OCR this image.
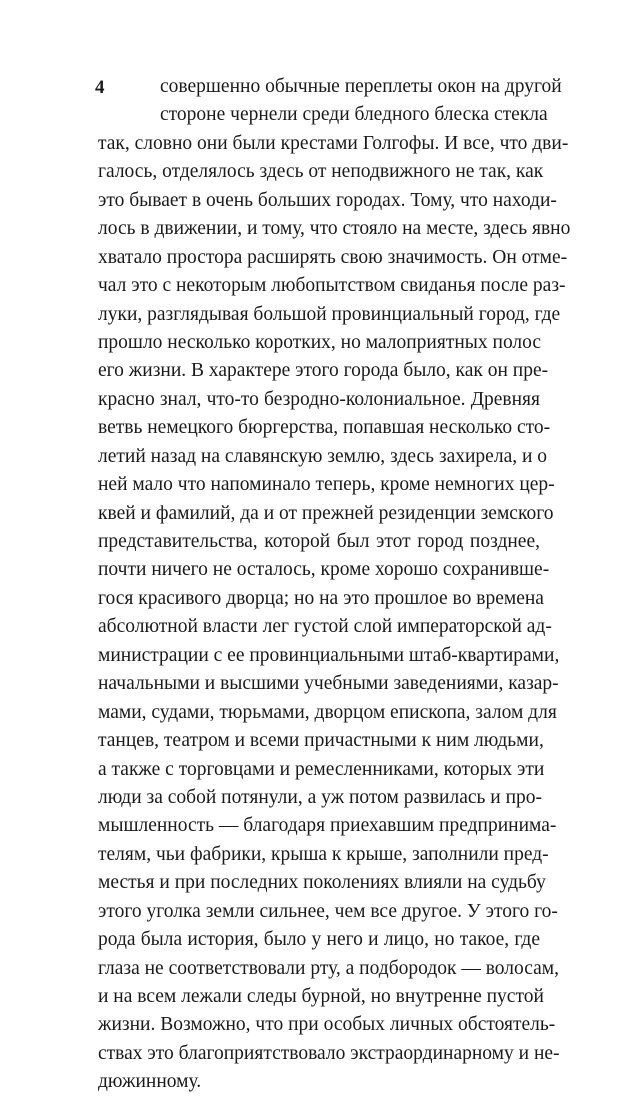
4	совершенно обычные переплеты окон на другой
стороне чернели среди бледного блеска стекла
так, словно они были крестами Голгофы. И все, что дви-
галось, отделялось здесь от неподвижного не так, как
это бывает в очень больших городах. Тому, что находи-
лось в движении, и тому, что стояло на месте, здесь явно
хватало простора расширять свою значимость. Он отме-
чал это с некоторым любопытством свиданья после раз-
луки, разглядывая большой провинциальный город, где
прошло несколько коротких, но малоприятных полос
его жизни. В характере этого города было, как он пре-
красно знал, что-то безродно-колониальное. Древняя
ветвь немецкого бюргерства, попавшая несколько сто-
летий назад на славянскую землю, здесь захирела, и о
ней мало что напоминало теперь, кроме немногих цер-
квей и фамилий, да и от прежней резиденции земского
представительства, которой был этот город позднее,
почти ничего не осталось, кроме хорошо сохранивше-
гося красивого дворца; но на это прошлое во времена
абсолютной власти лег густой слой императорской ад-
министрации с ее провинциальными штаб-квартирами,
начальными и высшими учебными заведениями, казар-
мами, судами, тюрьмами, дворцом епископа, залом для
танцев, театром и всеми причастными к ним людьми,
а также с торговцами и ремесленниками, которых эти
люди за собой потянули, а уж потом развилась и про-
мышленность — благодаря приехавшим предпринима-
телям, чьи фабрики, крыша к крыше, заполнили пред-
местья и при последних поколениях влияли на судьбу
этого уголка земли сильнее, чем все другое. У этого го-
рода была история, было у него и лицо, но такое, где
глаза не соответствовали рту, а подбородок — волосам,
и на всем лежали следы бурной, но внутренне пустой
жизни. Возможно, что при особых личных обстоятель-
ствах это благоприятствовало экстраординарному и не-
дюжинному.
